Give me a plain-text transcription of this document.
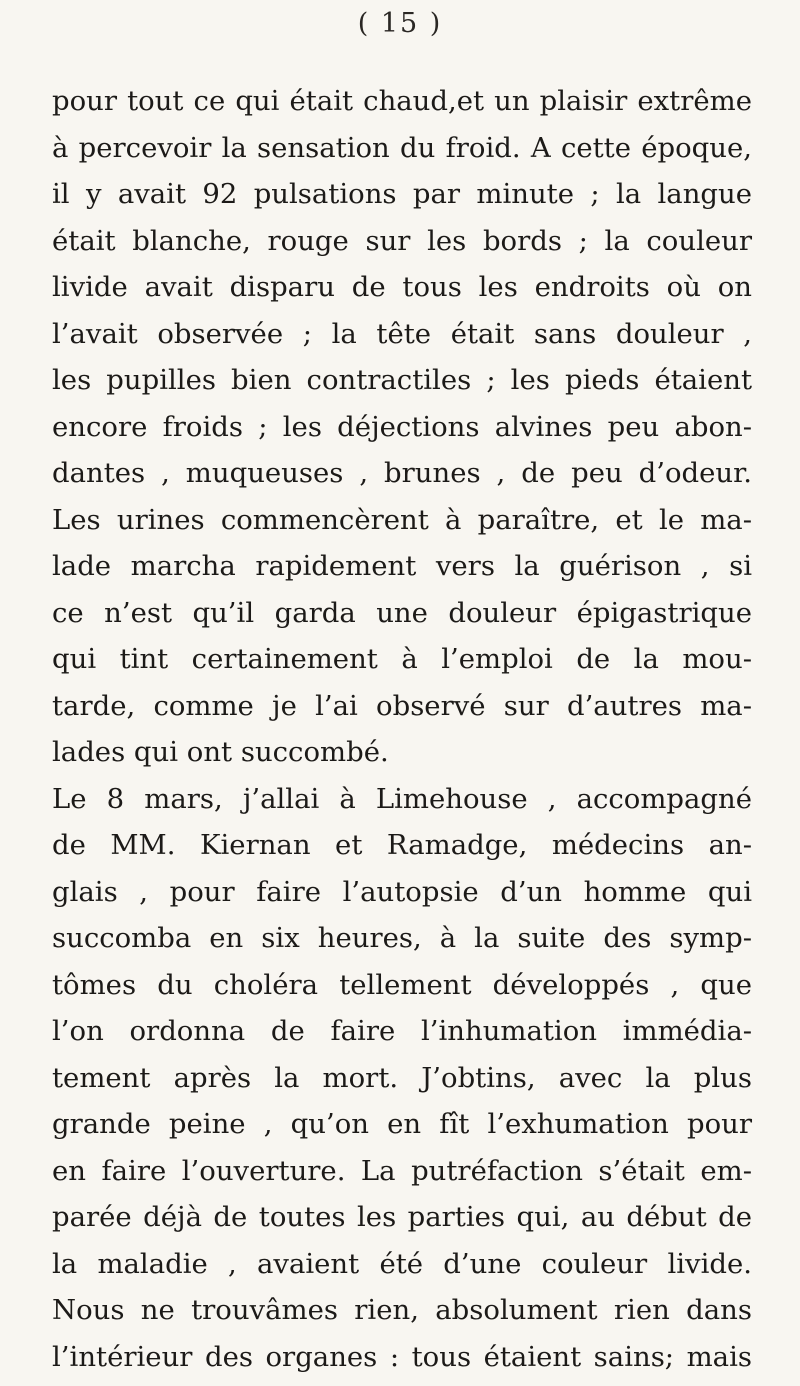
( 15 )
pour tout ce qui était chaud,et un plaisir extrême
à percevoir la sensation du froid. A cette époque,
il y avait 92 pulsations par minute ; la langue
était blanche, rouge sur les bords ; la couleur
livide avait disparu de tous les endroits où on
l’avait observée ; la tête était sans douleur ,
les pupilles bien contractiles ; les pieds étaient
encore froids ; les déjections alvines peu abon-
dantes , muqueuses , brunes , de peu d’odeur.
Les urines commencèrent à paraître, et le ma-
lade marcha rapidement vers la guérison , si
ce n’est qu’il garda une douleur épigastrique
qui tint certainement à l’emploi de la mou-
tarde, comme je l’ai observé sur d’autres ma-
lades qui ont succombé.
Le 8 mars, j’allai à Limehouse , accompagné
de MM. Kiernan et Ramadge, médecins an-
glais , pour faire l’autopsie d’un homme qui
succomba en six heures, à la suite des symp-
tômes du choléra tellement développés , que
l’on ordonna de faire l’inhumation immédia-
tement après la mort. J’obtins, avec la plus
grande peine , qu’on en fît l’exhumation pour
en faire l’ouverture. La putréfaction s’était em-
parée déjà de toutes les parties qui, au début de
la maladie , avaient été d’une couleur livide.
Nous ne trouvâmes rien, absolument rien dans
l’intérieur des organes : tous étaient sains; mais
